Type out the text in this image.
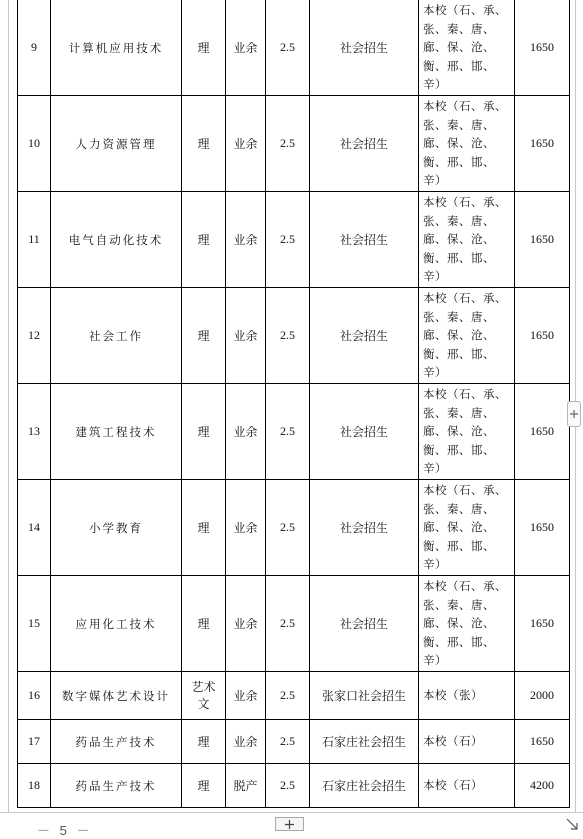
9	计算机应用技术	理	业余	2.5	社会招生	本校（石、承、
张、秦、唐、
廊、保、沧、
衡、邢、邯、
辛）	1650
10	人力资源管理	理	业余	2.5	社会招生	本校（石、承、
张、秦、唐、
廊、保、沧、
衡、邢、邯、
辛）	1650
11	电气自动化技术	理	业余	2.5	社会招生	本校（石、承、
张、秦、唐、
廊、保、沧、
衡、邢、邯、
辛）	1650
12	社会工作	理	业余	2.5	社会招生	本校（石、承、
张、秦、唐、
廊、保、沧、
衡、邢、邯、
辛）	1650
13	建筑工程技术	理	业余	2.5	社会招生	本校（石、承、
张、秦、唐、
廊、保、沧、
衡、邢、邯、
辛）	1650
14	小学教育	理	业余	2.5	社会招生	本校（石、承、
张、秦、唐、
廊、保、沧、
衡、邢、邯、
辛）	1650
15	应用化工技术	理	业余	2.5	社会招生	本校（石、承、
张、秦、唐、
廊、保、沧、
衡、邢、邯、
辛）	1650
16	数字媒体艺术设计	艺术
文	业余	2.5	张家口社会招生	本校（张）	2000
17	药品生产技术	理	业余	2.5	石家庄社会招生	本校（石）	1650
18	药品生产技术	理	脱产	2.5	石家庄社会招生	本校（石）	4200
－ 5 －
